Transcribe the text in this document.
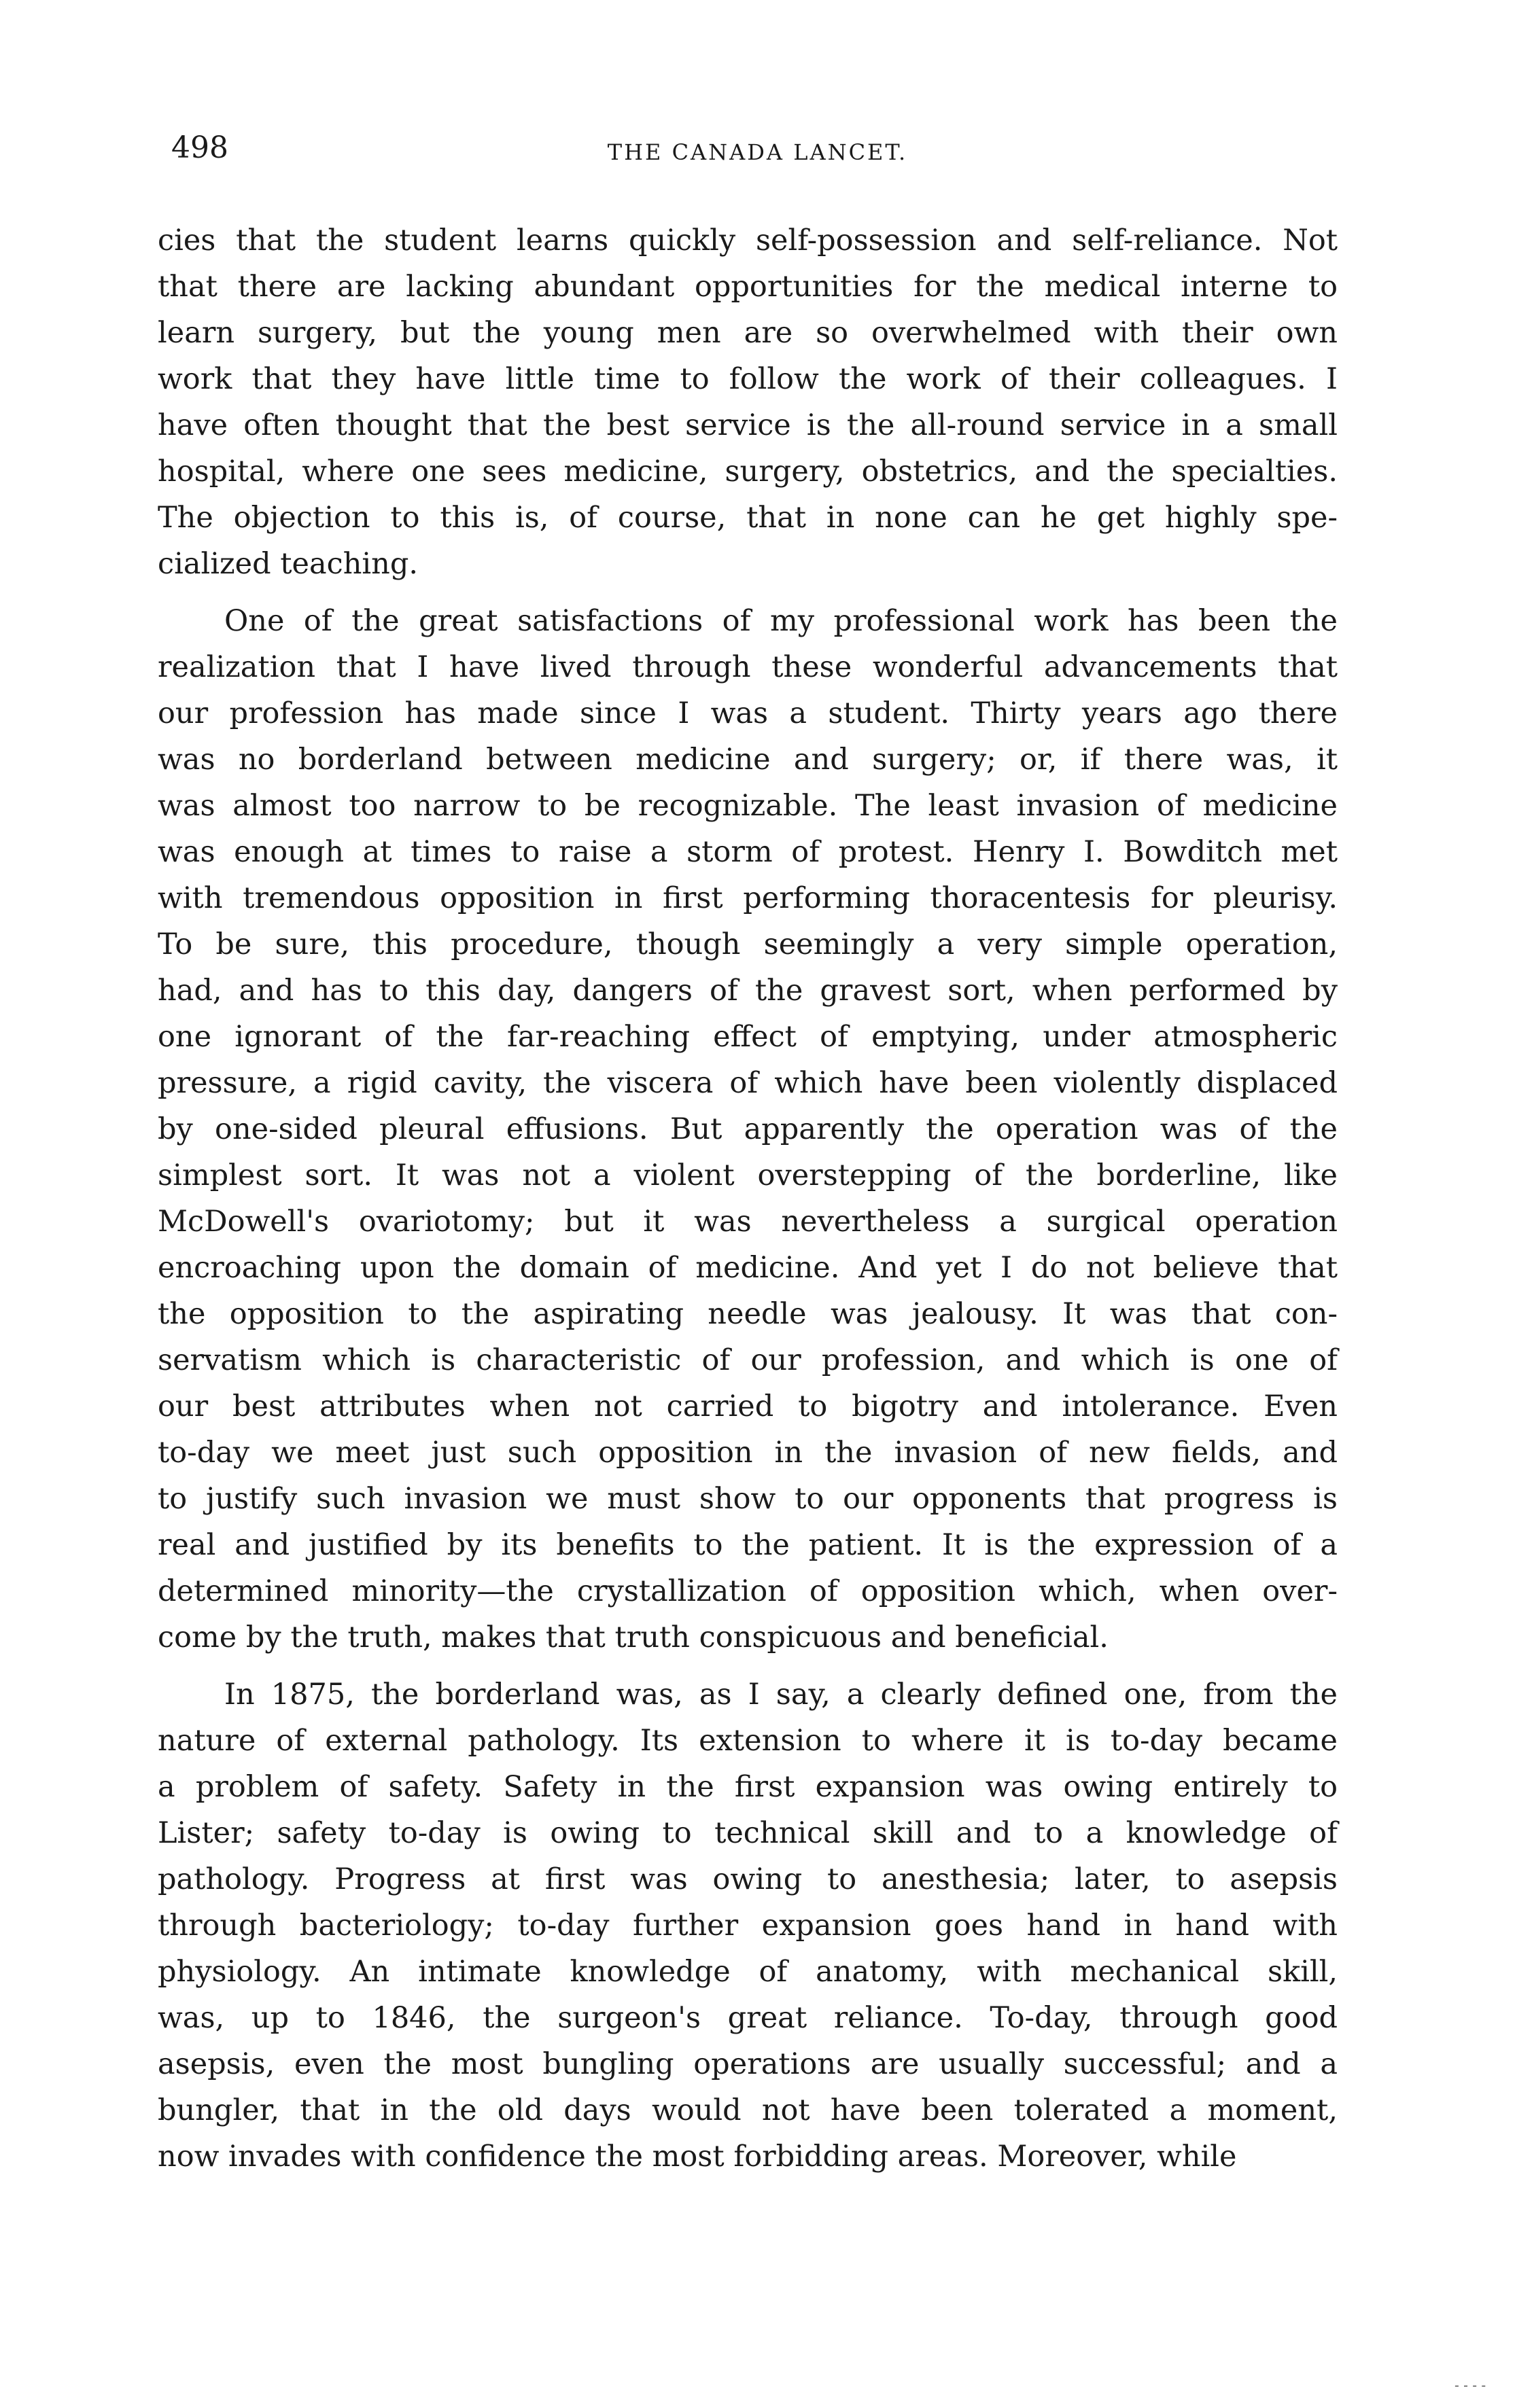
498	THE CANADA LANCET.

cies that the student learns quickly self-possession and self-reliance. Not
that there are lacking abundant opportunities for the medical interne to
learn surgery, but the young men are so overwhelmed with their own
work that they have little time to follow the work of their colleagues. I
have often thought that the best service is the all-round service in a small
hospital, where one sees medicine, surgery, obstetrics, and the specialties.
The objection to this is, of course, that in none can he get highly spe-
cialized teaching.

One of the great satisfactions of my professional work has been the
realization that I have lived through these wonderful advancements that
our profession has made since I was a student. Thirty years ago there
was no borderland between medicine and surgery; or, if there was, it
was almost too narrow to be recognizable. The least invasion of medicine
was enough at times to raise a storm of protest. Henry I. Bowditch met
with tremendous opposition in first performing thoracentesis for pleurisy.
To be sure, this procedure, though seemingly a very simple operation,
had, and has to this day, dangers of the gravest sort, when performed by
one ignorant of the far-reaching effect of emptying, under atmospheric
pressure, a rigid cavity, the viscera of which have been violently displaced
by one-sided pleural effusions. But apparently the operation was of the
simplest sort. It was not a violent overstepping of the borderline, like
McDowell's ovariotomy; but it was nevertheless a surgical operation
encroaching upon the domain of medicine. And yet I do not believe that
the opposition to the aspirating needle was jealousy. It was that con-
servatism which is characteristic of our profession, and which is one of
our best attributes when not carried to bigotry and intolerance. Even
to-day we meet just such opposition in the invasion of new fields, and
to justify such invasion we must show to our opponents that progress is
real and justified by its benefits to the patient. It is the expression of a
determined minority—the crystallization of opposition which, when over-
come by the truth, makes that truth conspicuous and beneficial.

In 1875, the borderland was, as I say, a clearly defined one, from the
nature of external pathology. Its extension to where it is to-day became
a problem of safety. Safety in the first expansion was owing entirely to
Lister; safety to-day is owing to technical skill and to a knowledge of
pathology. Progress at first was owing to anesthesia; later, to asepsis
through bacteriology; to-day further expansion goes hand in hand with
physiology. An intimate knowledge of anatomy, with mechanical skill,
was, up to 1846, the surgeon's great reliance. To-day, through good
asepsis, even the most bungling operations are usually successful; and a
bungler, that in the old days would not have been tolerated a moment,
now invades with confidence the most forbidding areas. Moreover, while

- - - -
